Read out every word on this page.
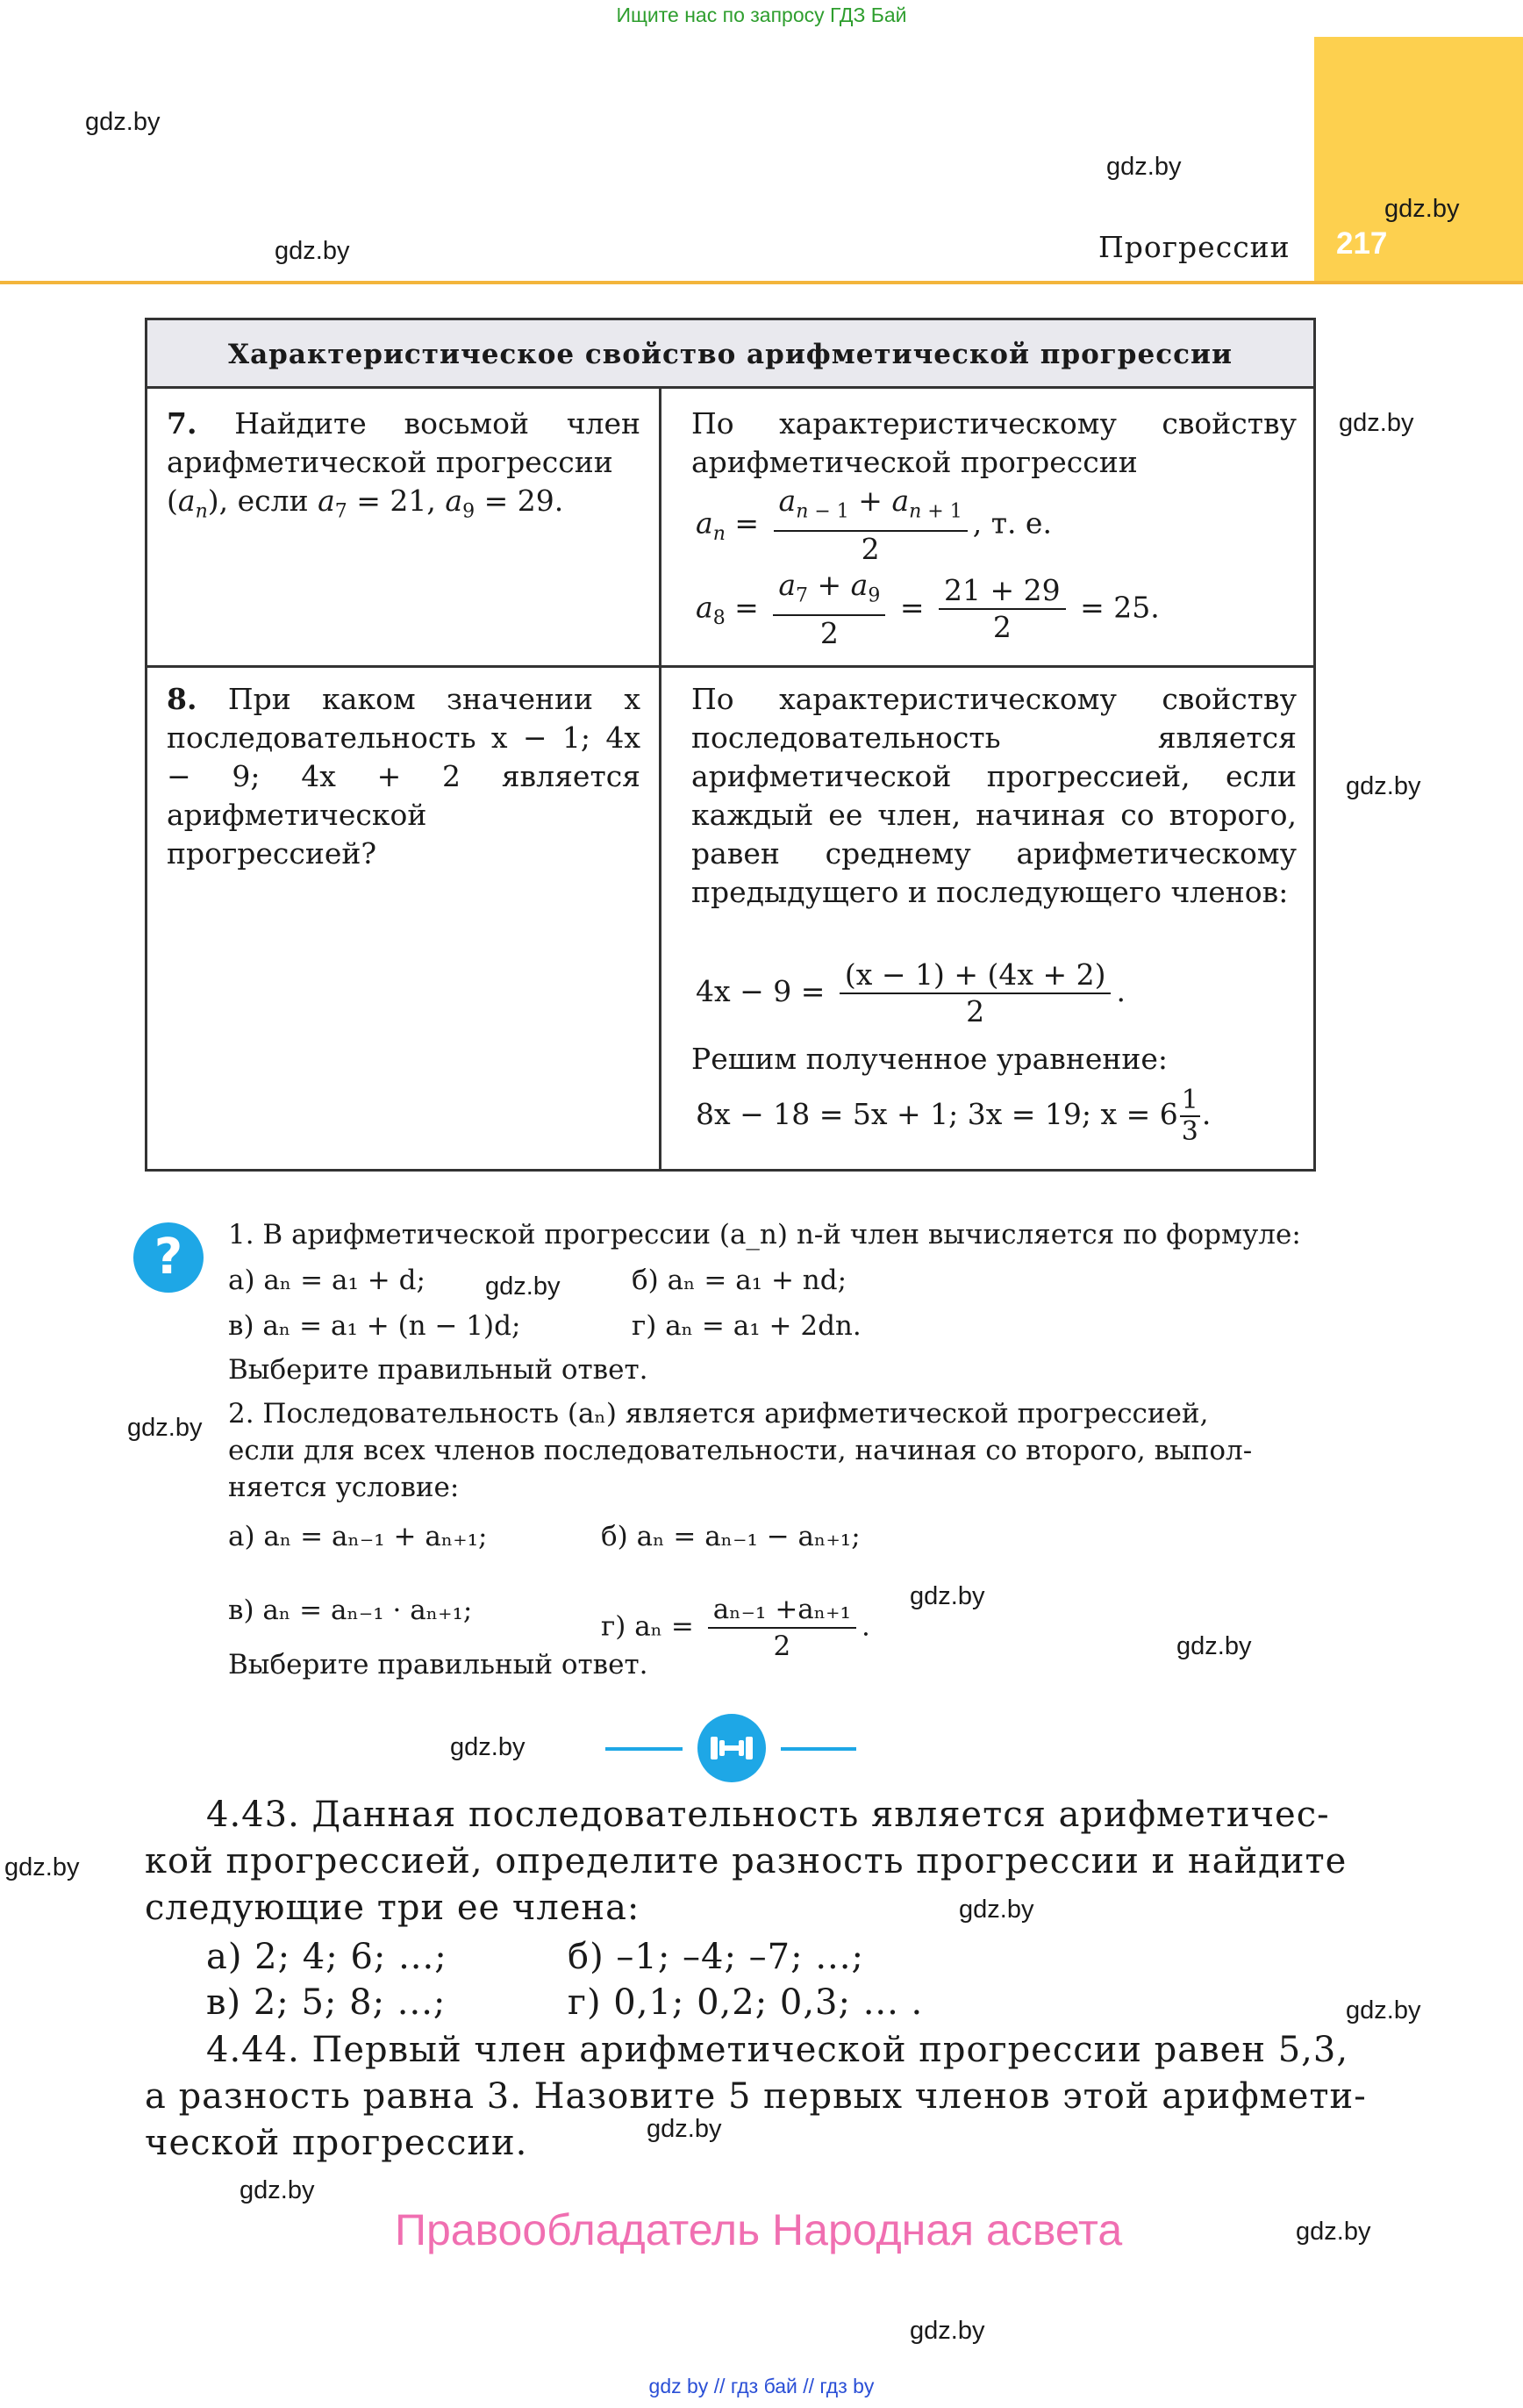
Ищите нас по запросу ГДЗ Бай
217
Прогрессии
gdz.by
gdz.by
gdz.by
gdz.by
gdz.by
gdz.by
gdz.by
gdz.by
gdz.by
gdz.by
gdz.by
gdz.by
gdz.by
gdz.by
gdz.by
gdz.by
gdz.by
gdz.by
Характеристическое свойство арифметической прогрессии

7. Найдите восьмой член арифметической прогрессии

$(a_n)$, если $a_7 = 21$, $a_9 = 29$.

По характеристическому свойству арифметической прогрессии

$a_n = \frac{a_{n - 1} + a_{n + 1}}{2}$ , т. е.
$a_8 = \frac{a_7 + a_9}{2} = \frac{21 + 29}{2} = 25$.

8. При каком значении x последовательность x − 1; 4x − 9; 4x + 2 является арифметической прогрессией?

По характеристическому свойству последовательность является арифметической прогрессией, если каждый ее член, начиная со второго, равен среднему арифметическому предыдущего и последующего членов:

$4x - 9 = \frac{(x - 1) + (4x + 2)}{2}$ .
Решим полученное уравнение:
8x − 18 = 5x + 1; 3x = 19; $x = 6 \frac{1}{3}$ .
?	1. В арифметической прогрессии (a_n) n-й член вычисляется по формуле:
а) aₙ = a₁ + d;	б) aₙ = a₁ + nd;
в) aₙ = a₁ + (n − 1)d;	г) aₙ = a₁ + 2dn.
Выберите правильный ответ.
2. Последовательность (aₙ) является арифметической прогрессией,
если для всех членов последовательности, начиная со второго, выпол-
няется условие:
а) aₙ = aₙ₋₁ + aₙ₊₁;	б) aₙ = aₙ₋₁ − aₙ₊₁;
в) aₙ = aₙ₋₁ · aₙ₊₁;
г) $a_n = \frac{\text{aₙ₋₁ +aₙ₊₁}}{2}$ .
Выберите правильный ответ.
4.43. Данная последовательность является арифметичес-
кой прогрессией, определите разность прогрессии и найдите
следующие три ее члена:
а) 2; 4; 6; ...;	б) –1; –4; –7; ...;
в) 2; 5; 8; ...;	г) 0,1; 0,2; 0,3; ... .
4.44. Первый член арифметической прогрессии равен 5,3,
а разность равна 3. Назовите 5 первых членов этой арифмети-
ческой прогрессии.
Правообладатель Народная асвета
gdz by // гдз бай // гдз by
